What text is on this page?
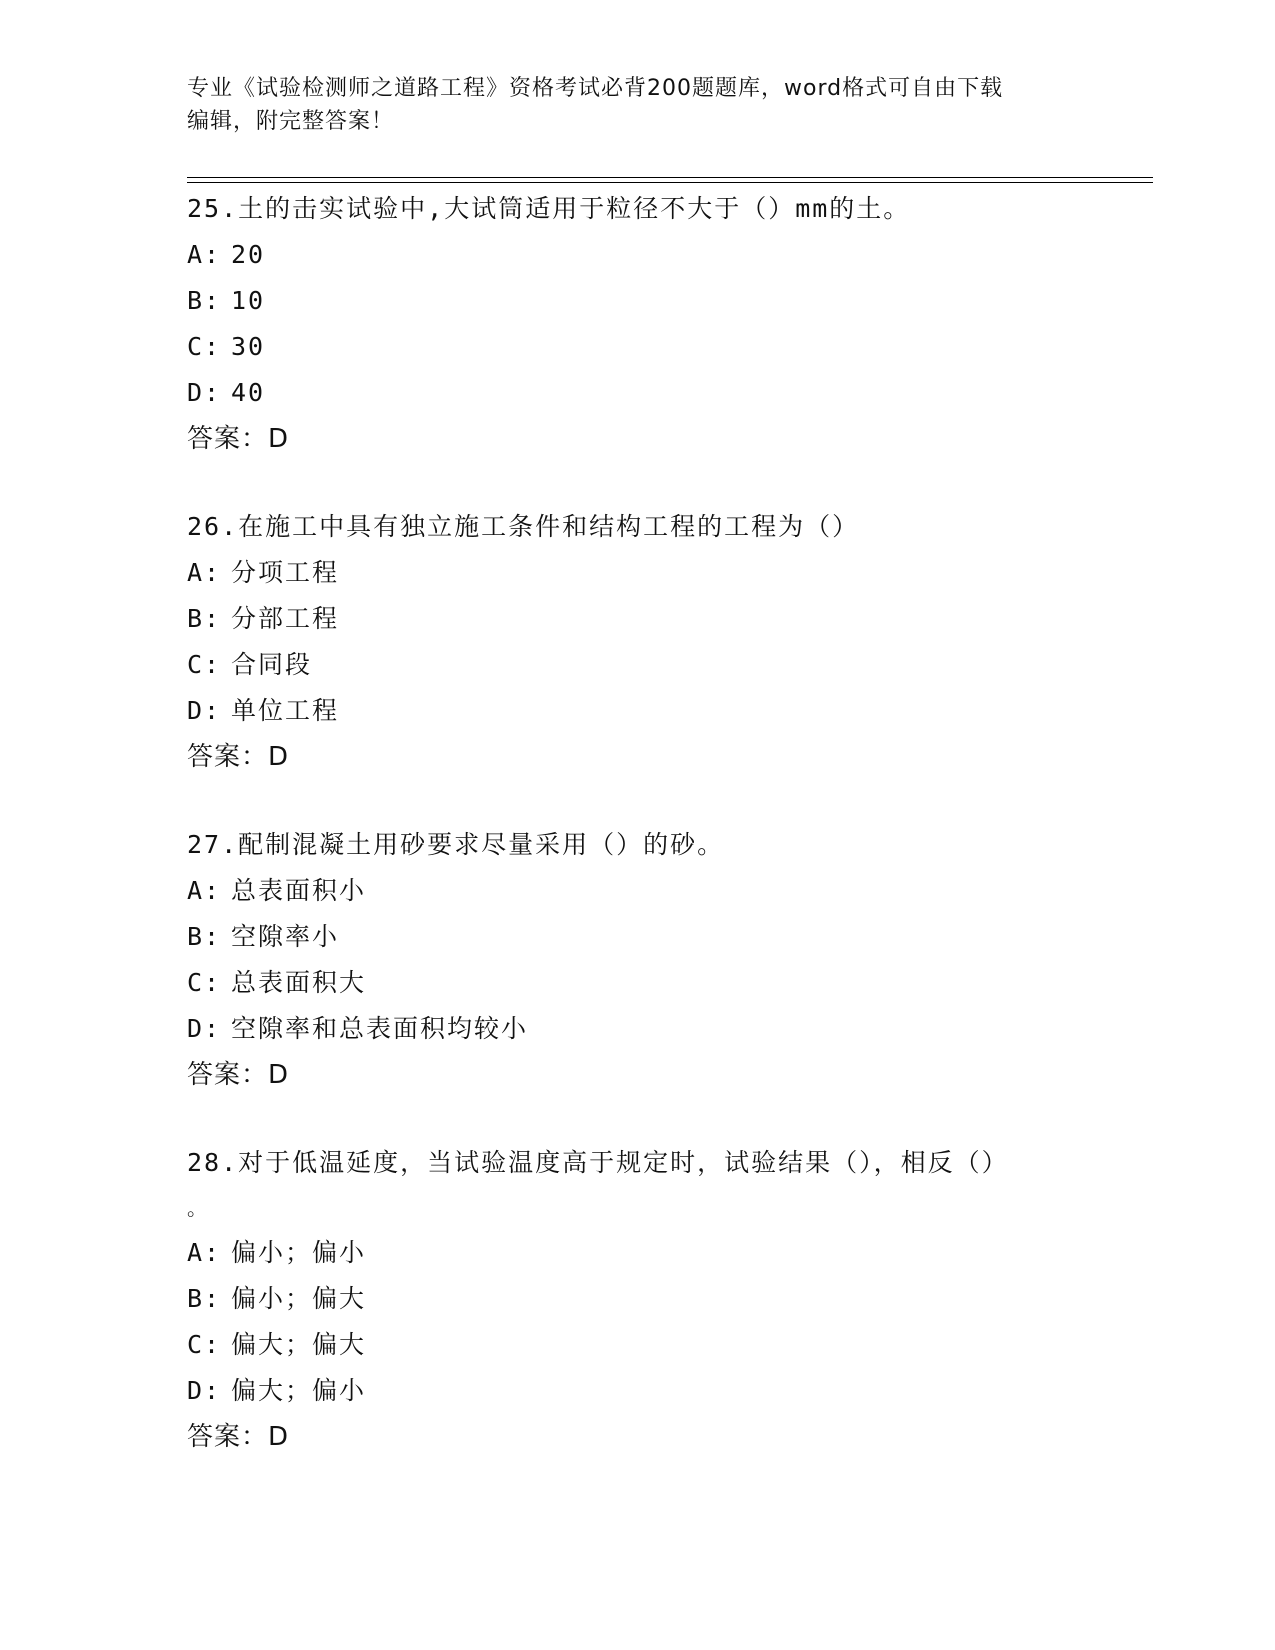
专业《试验检测师之道路工程》资格考试必背200题题库，word格式可自由下载
编辑，附完整答案！
25.土的击实试验中,大试筒适用于粒径不大于（）mm的土。
A: 20
B: 10
C: 30
D: 40
答案：D
26.在施工中具有独立施工条件和结构工程的工程为（）
A: 分项工程
B: 分部工程
C: 合同段
D: 单位工程
答案：D
27.配制混凝土用砂要求尽量采用（）的砂。
A: 总表面积小
B: 空隙率小
C: 总表面积大
D: 空隙率和总表面积均较小
答案：D
28.对于低温延度，当试验温度高于规定时，试验结果（），相反（）
。
A: 偏小；偏小
B: 偏小；偏大
C: 偏大；偏大
D: 偏大；偏小
答案：D
